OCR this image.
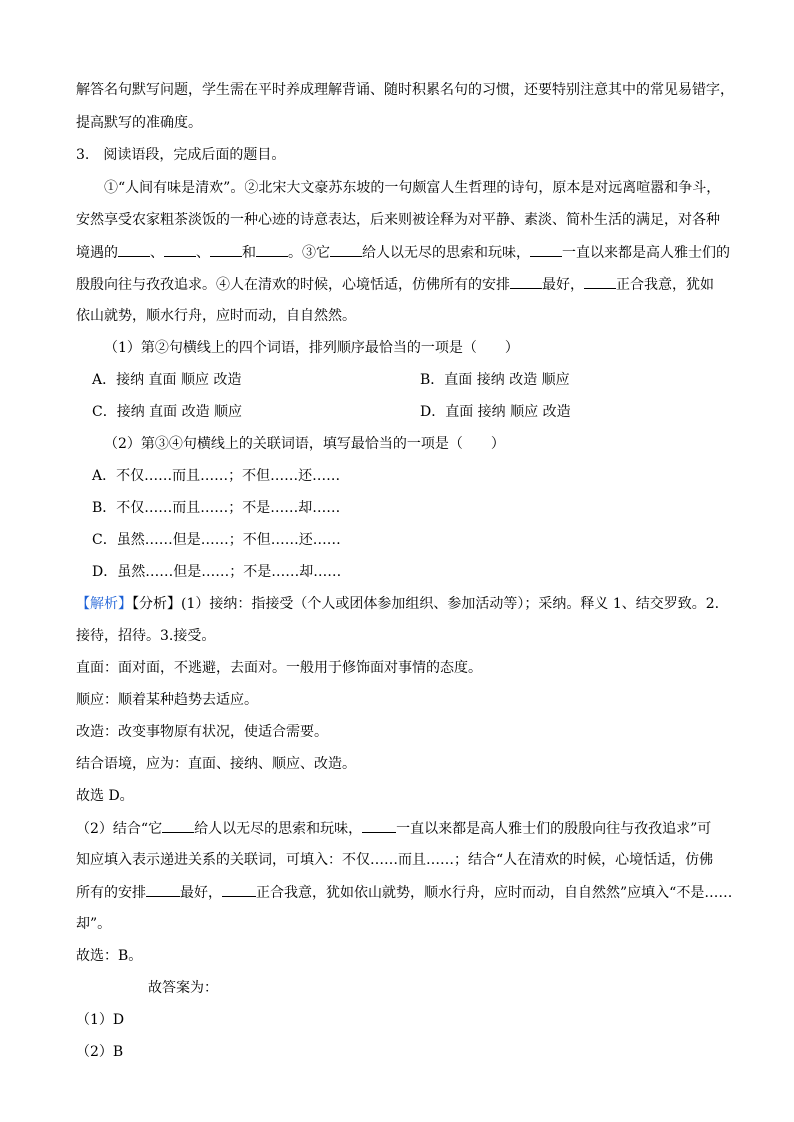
解答名句默写问题，学生需在平时养成理解背诵、随时积累名句的习惯，还要特别注意其中的常见易错字，
提高默写的准确度。
3.　阅读语段，完成后面的题目。
①“人间有味是清欢”。②北宋大文豪苏东坡的一句颇富人生哲理的诗句，原本是对远离喧嚣和争斗，
安然享受农家粗茶淡饭的一种心迹的诗意表达，后来则被诠释为对平静、素淡、简朴生活的满足，对各种
境遇的 、 、 和 。③它 给人以无尽的思索和玩味， 一直以来都是高人雅士们的
殷殷向往与孜孜追求。④人在清欢的时候，心境恬适，仿佛所有的安排 最好， 正合我意，犹如
依山就势，顺水行舟，应时而动，自自然然。
（1）第②句横线上的四个词语，排列顺序最恰当的一项是（　　）
A．接纳 直面 顺应 改造	B．直面 接纳 改造 顺应
C．接纳 直面 改造 顺应	D．直面 接纳 顺应 改造
（2）第③④句横线上的关联词语，填写最恰当的一项是（　　）
A．不仅……而且……；不但……还……
B．不仅……而且……；不是……却……
C．虽然……但是……；不但……还……
D．虽然……但是……；不是……却……
【解析】【分析】(1）接纳：指接受（个人或团体参加组织、参加活动等）；采纳。释义 1、结交罗致。2.
接待，招待。3.接受。
直面：面对面，不逃避，去面对。一般用于修饰面对事情的态度。
顺应：顺着某种趋势去适应。
改造：改变事物原有状况，使适合需要。
结合语境，应为：直面、接纳、顺应、改造。
故选 D。
（2）结合“它 给人以无尽的思索和玩味， 一直以来都是高人雅士们的殷殷向往与孜孜追求”可
知应填入表示递进关系的关联词，可填入：不仅……而且……；结合“人在清欢的时候，心境恬适，仿佛
所有的安排 最好， 正合我意，犹如依山就势，顺水行舟，应时而动，自自然然”应填入“不是……
却”。
故选：B。
故答案为：
（1）D
（2）B
